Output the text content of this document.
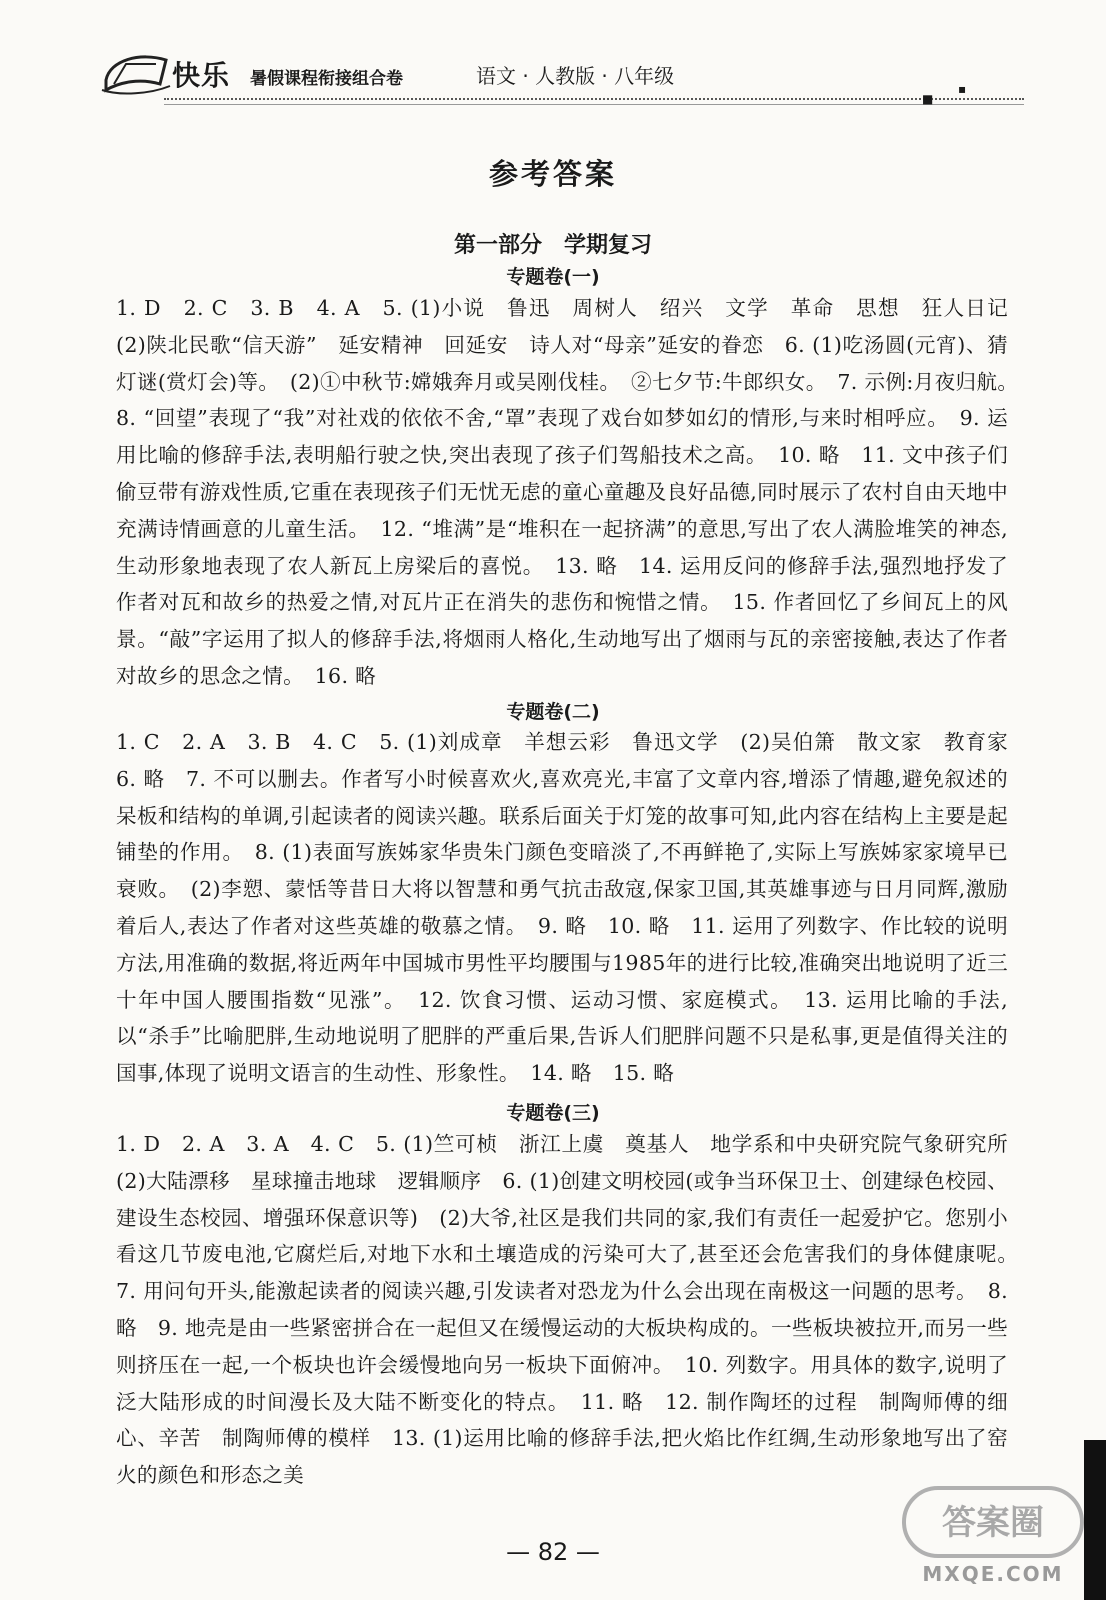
快乐 暑假课程衔接组合卷	语文 · 人教版 · 八年级
■
▪
参考答案
第一部分　学期复习
专题卷(一)
1. D　2. C　3. B　4. A　5. (1)小说　鲁迅　周树人　绍兴　文学　革命　思想　狂人日记　(2)陕北民歌“信天游”　延安精神　回延安　诗人对“母亲”延安的眷恋　6. (1)吃汤圆(元宵)、猜灯谜(赏灯会)等。　(2)①中秋节:嫦娥奔月或吴刚伐桂。　②七夕节:牛郎织女。　7. 示例:月夜归航。　8. “回望”表现了“我”对社戏的依依不舍,“罩”表现了戏台如梦如幻的情形,与来时相呼应。　9. 运用比喻的修辞手法,表明船行驶之快,突出表现了孩子们驾船技术之高。　10. 略　11. 文中孩子们偷豆带有游戏性质,它重在表现孩子们无忧无虑的童心童趣及良好品德,同时展示了农村自由天地中充满诗情画意的儿童生活。　12. “堆满”是“堆积在一起挤满”的意思,写出了农人满脸堆笑的神态,生动形象地表现了农人新瓦上房梁后的喜悦。　13. 略　14. 运用反问的修辞手法,强烈地抒发了作者对瓦和故乡的热爱之情,对瓦片正在消失的悲伤和惋惜之情。　15. 作者回忆了乡间瓦上的风景。“敲”字运用了拟人的修辞手法,将烟雨人格化,生动地写出了烟雨与瓦的亲密接触,表达了作者对故乡的思念之情。　16. 略
专题卷(二)
1. C　2. A　3. B　4. C　5. (1)刘成章　羊想云彩　鲁迅文学　(2)吴伯箫　散文家　教育家　6. 略　7. 不可以删去。作者写小时候喜欢火,喜欢亮光,丰富了文章内容,增添了情趣,避免叙述的呆板和结构的单调,引起读者的阅读兴趣。联系后面关于灯笼的故事可知,此内容在结构上主要是起铺垫的作用。　8. (1)表面写族姊家华贵朱门颜色变暗淡了,不再鲜艳了,实际上写族姊家家境早已衰败。　(2)李愬、蒙恬等昔日大将以智慧和勇气抗击敌寇,保家卫国,其英雄事迹与日月同辉,激励着后人,表达了作者对这些英雄的敬慕之情。　9. 略　10. 略　11. 运用了列数字、作比较的说明方法,用准确的数据,将近两年中国城市男性平均腰围与1985年的进行比较,准确突出地说明了近三十年中国人腰围指数“见涨”。　12. 饮食习惯、运动习惯、家庭模式。　13. 运用比喻的手法,以“杀手”比喻肥胖,生动地说明了肥胖的严重后果,告诉人们肥胖问题不只是私事,更是值得关注的国事,体现了说明文语言的生动性、形象性。　14. 略　15. 略
专题卷(三)
1. D　2. A　3. A　4. C　5. (1)竺可桢　浙江上虞　奠基人　地学系和中央研究院气象研究所　(2)大陆漂移　星球撞击地球　逻辑顺序　6. (1)创建文明校园(或争当环保卫士、创建绿色校园、建设生态校园、增强环保意识等)　(2)大爷,社区是我们共同的家,我们有责任一起爱护它。您别小看这几节废电池,它腐烂后,对地下水和土壤造成的污染可大了,甚至还会危害我们的身体健康呢。　7. 用问句开头,能激起读者的阅读兴趣,引发读者对恐龙为什么会出现在南极这一问题的思考。　8. 略　9. 地壳是由一些紧密拼合在一起但又在缓慢运动的大板块构成的。一些板块被拉开,而另一些则挤压在一起,一个板块也许会缓慢地向另一板块下面俯冲。　10. 列数字。用具体的数字,说明了泛大陆形成的时间漫长及大陆不断变化的特点。　11. 略　12. 制作陶坯的过程　制陶师傅的细心、辛苦　制陶师傅的模样　13. (1)运用比喻的修辞手法,把火焰比作红绸,生动形象地写出了窑火的颜色和形态之美
— 82 —
答案圈
MXQE.COM
